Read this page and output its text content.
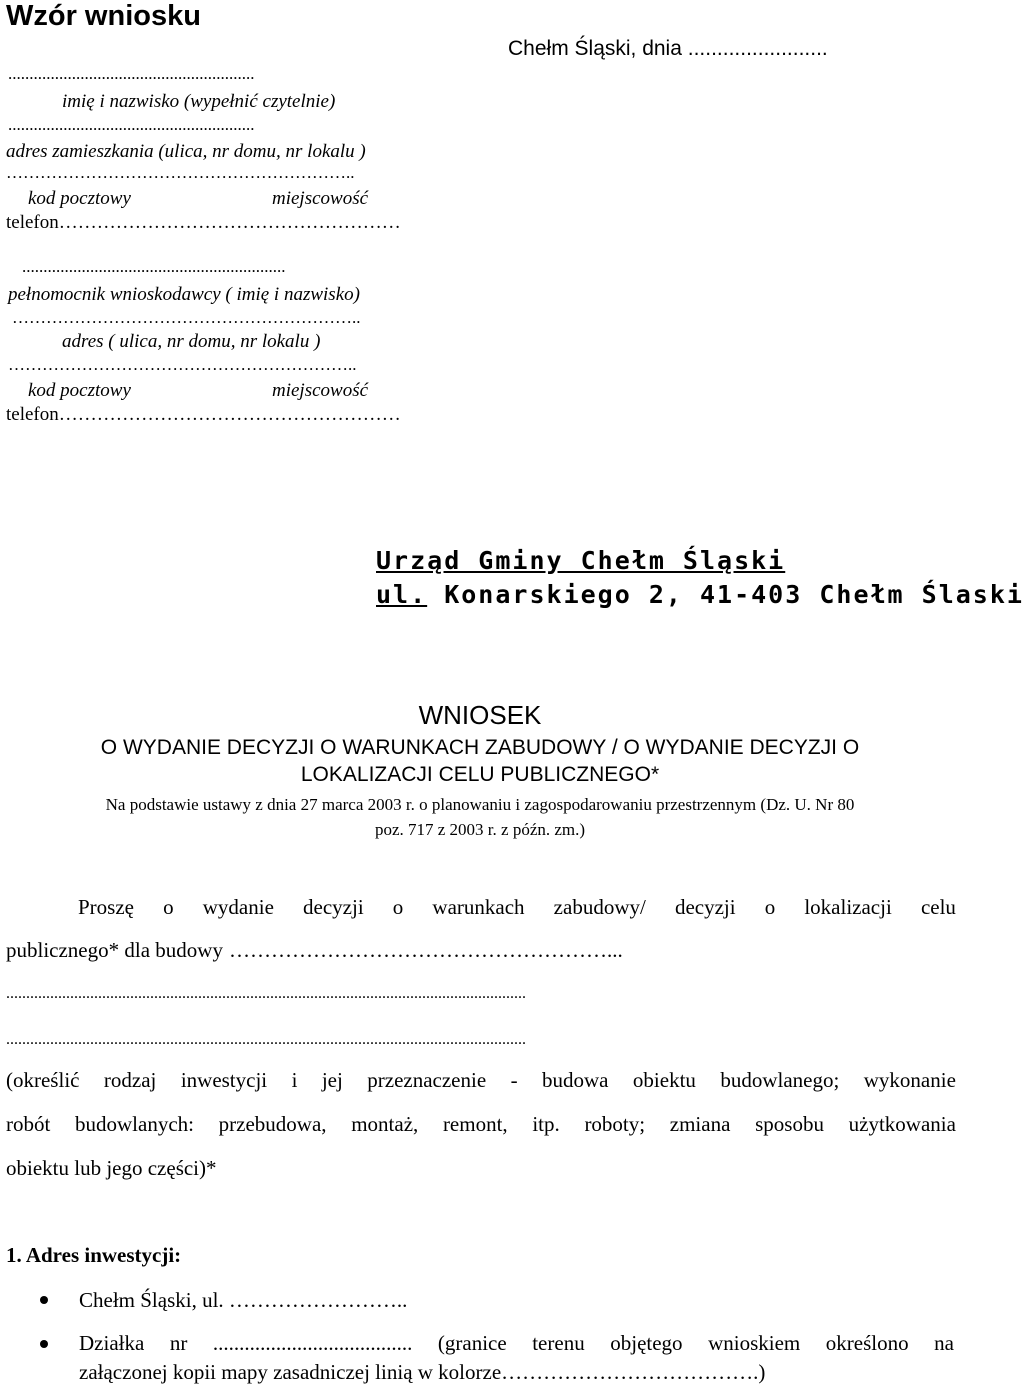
Wzór wniosku
Chełm Śląski, dnia ........................
..........................................................
imię i nazwisko (wypełnić czytelnie)
..........................................................
adres zamieszkania (ulica, nr domu, nr lokalu )
……………………………………………………..
kod pocztowy	miejscowość
telefon………………………………………………
..............................................................
pełnomocnik wnioskodawcy ( imię i nazwisko)
……………………………………………………..
adres ( ulica, nr domu, nr lokalu )
……………………………………………………..
kod pocztowy	miejscowość
telefon………………………………………………
Urząd Gminy Chełm Śląski
ul. Konarskiego 2, 41-403 Chełm Ślaski
WNIOSEK
O WYDANIE DECYZJI O WARUNKACH ZABUDOWY / O WYDANIE DECYZJI O
LOKALIZACJI CELU PUBLICZNEGO*
Na podstawie ustawy z dnia 27 marca 2003 r. o planowaniu i zagospodarowaniu przestrzennym (Dz. U. Nr 80
poz. 717 z 2003 r. z późn. zm.)
Proszę o wydanie decyzji o warunkach zabudowy/ decyzji o lokalizacji celu
publicznego* dla budowy ………………………………………………...
..................................................................................................................................
..................................................................................................................................
(określić rodzaj inwestycji i jej przeznaczenie - budowa obiektu budowlanego; wykonanie
robót budowlanych: przebudowa, montaż, remont, itp. roboty; zmiana sposobu użytkowania
obiektu lub jego części)*
1. Adres inwestycji:
Chełm Śląski, ul. ……………………..
Działka nr ...................................... (granice terenu objętego wnioskiem określono na
załączonej kopii mapy zasadniczej linią w kolorze……………………………….)
